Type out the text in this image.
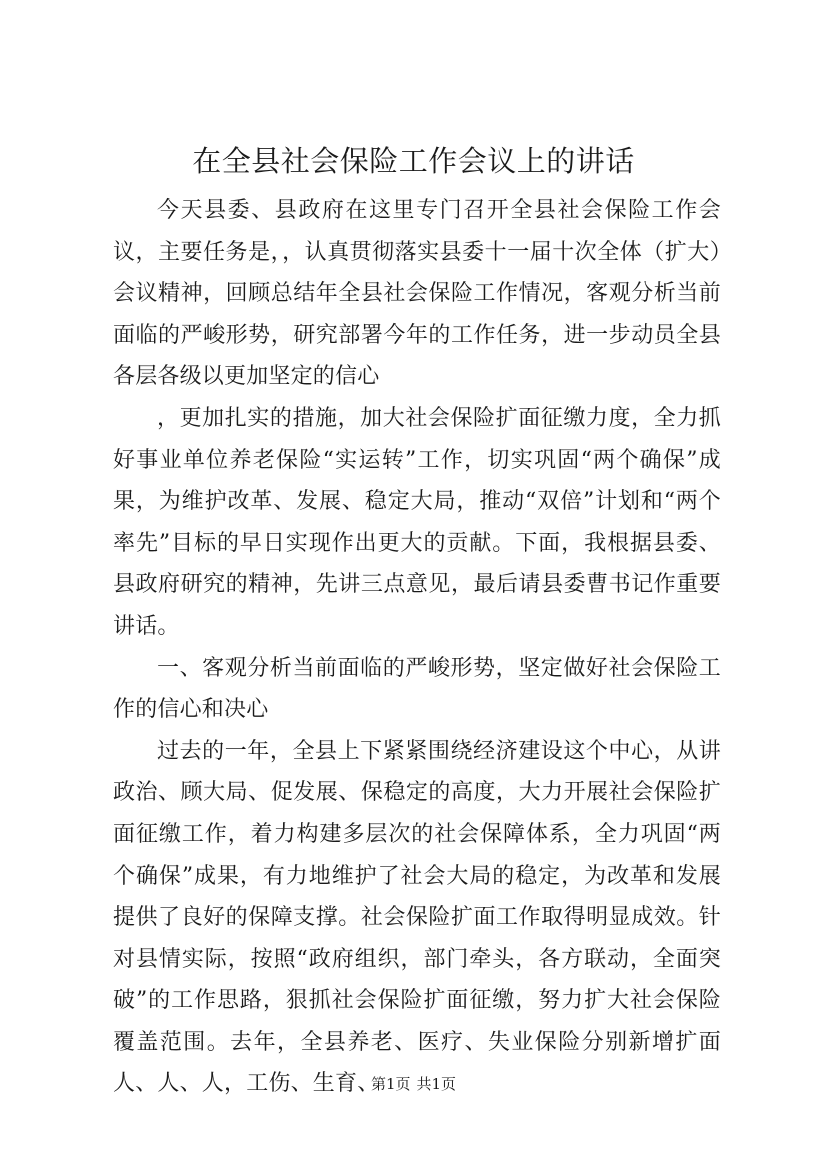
在全县社会保险工作会议上的讲话

今天县委、县政府在这里专门召开全县社会保险工作会议，主要任务是，，认真贯彻落实县委十一届十次全体（扩大）会议精神，回顾总结年全县社会保险工作情况，客观分析当前面临的严峻形势，研究部署今年的工作任务，进一步动员全县各层各级以更加坚定的信心

，更加扎实的措施，加大社会保险扩面征缴力度，全力抓好事业单位养老保险“实运转”工作，切实巩固“两个确保”成果，为维护改革、发展、稳定大局，推动“双倍”计划和“两个率先”目标的早日实现作出更大的贡献。下面，我根据县委、县政府研究的精神，先讲三点意见，最后请县委曹书记作重要讲话。

一、客观分析当前面临的严峻形势，坚定做好社会保险工作的信心和决心

过去的一年，全县上下紧紧围绕经济建设这个中心，从讲政治、顾大局、促发展、保稳定的高度，大力开展社会保险扩面征缴工作，着力构建多层次的社会保障体系，全力巩固“两个确保”成果，有力地维护了社会大局的稳定，为改革和发展提供了良好的保障支撑。社会保险扩面工作取得明显成效。针对县情实际，按照“政府组织，部门牵头，各方联动，全面突破”的工作思路，狠抓社会保险扩面征缴，努力扩大社会保险覆盖范围。去年，全县养老、医疗、失业保险分别新增扩面人、人、人，工伤、生育、

第1页 共1页
